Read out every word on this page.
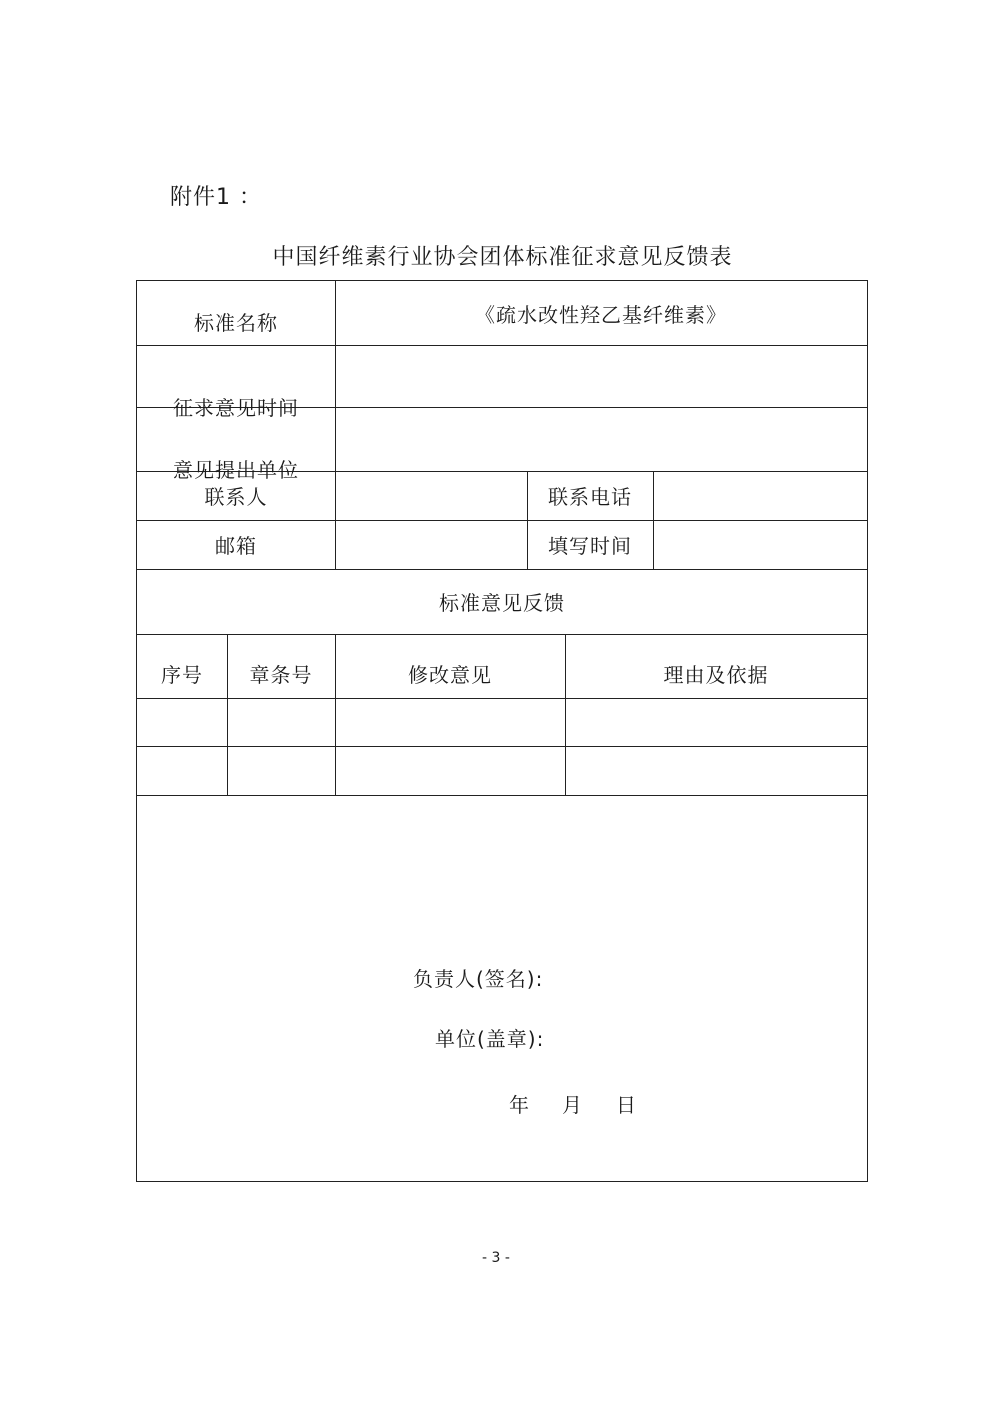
附件1 ：
中国纤维素行业协会团体标准征求意见反馈表
标准名称	《疏水改性羟乙基纤维素》
征求意见时间
意见提出单位
联系人	联系电话
邮箱	填写时间
标准意见反馈
序号	章条号	修改意见	理由及依据
负责人(签名):
单位(盖章):
年 月 日
- 3 -
